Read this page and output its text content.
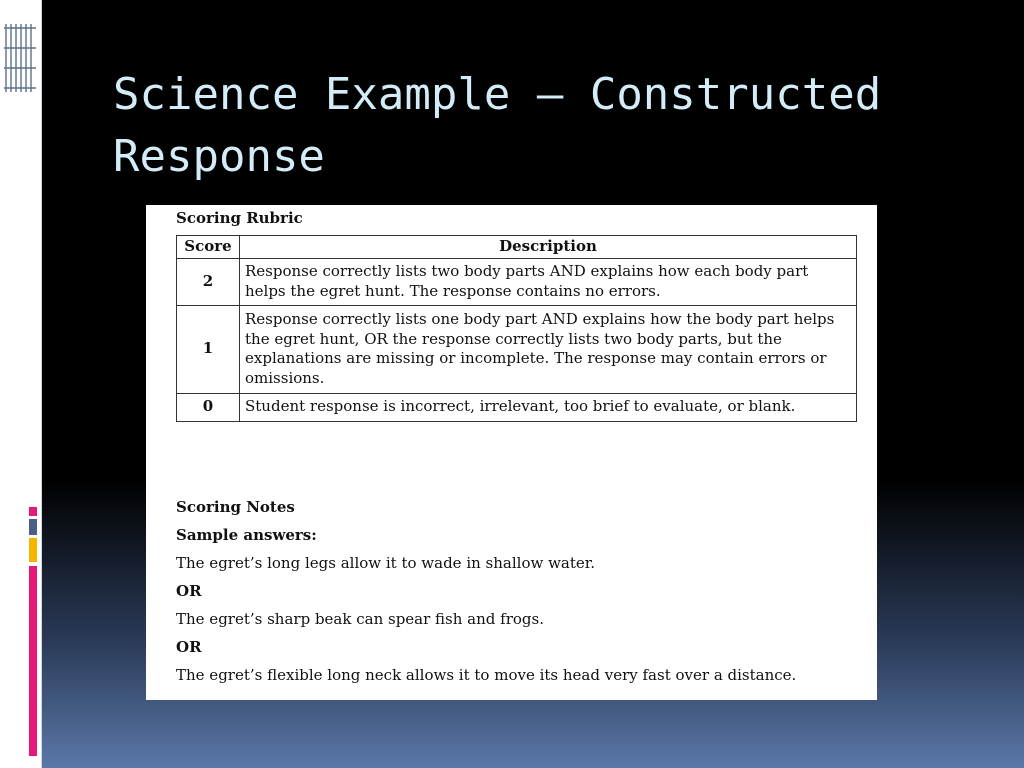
Science Example – Constructed Response
Scoring Rubric
Score	Description
2	Response correctly lists two body parts AND explains how each body part helps the egret hunt. The response contains no errors.
1	Response correctly lists one body part AND explains how the body part helps the egret hunt, OR the response correctly lists two body parts, but the explanations are missing or incomplete. The response may contain errors or omissions.
0	Student response is incorrect, irrelevant, too brief to evaluate, or blank.

Scoring Notes

Sample answers:

The egret’s long legs allow it to wade in shallow water.

OR

The egret’s sharp beak can spear fish and frogs.

OR

The egret’s flexible long neck allows it to move its head very fast over a distance.
